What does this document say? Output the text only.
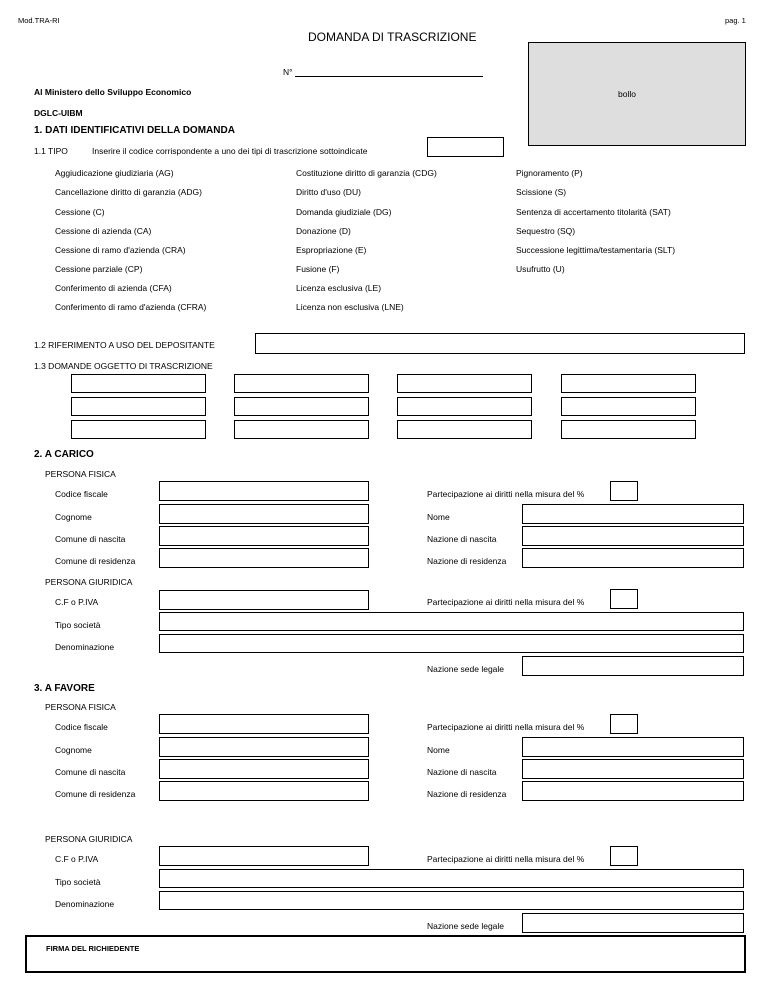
Mod.TRA-RI	pag. 1
DOMANDA DI TRASCRIZIONE
N°
bollo
Al Ministero dello Sviluppo Economico
DGLC-UIBM
1. DATI IDENTIFICATIVI DELLA DOMANDA
1.1 TIPO	Inserire il codice corrispondente a uno dei tipi di trascrizione sottoindicate
Aggiudicazione giudiziaria (AG)
Cancellazione diritto di garanzia (ADG)
Cessione (C)
Cessione di azienda (CA)
Cessione di ramo d'azienda (CRA)
Cessione parziale (CP)
Conferimento di azienda (CFA)
Conferimento di ramo d'azienda (CFRA)
Costituzione diritto di garanzia (CDG)
Diritto d'uso (DU)
Domanda giudiziale (DG)
Donazione (D)
Espropriazione (E)
Fusione (F)
Licenza esclusiva (LE)
Licenza non esclusiva (LNE)
Pignoramento (P)
Scissione (S)
Sentenza di accertamento titolarità (SAT)
Sequestro (SQ)
Successione legittima/testamentaria (SLT)
Usufrutto (U)
1.2 RIFERIMENTO A USO DEL DEPOSITANTE
1.3 DOMANDE OGGETTO DI TRASCRIZIONE
2. A CARICO
PERSONA FISICA
Codice fiscale	Partecipazione ai diritti nella misura del %
Cognome	Nome
Comune di nascita	Nazione di nascita
Comune di residenza	Nazione di residenza
PERSONA GIURIDICA
C.F o P.IVA	Partecipazione ai diritti nella misura del %
Tipo società
Denominazione
Nazione sede legale
3. A FAVORE
PERSONA FISICA
Codice fiscale	Partecipazione ai diritti nella misura del %
Cognome	Nome
Comune di nascita	Nazione di nascita
Comune di residenza	Nazione di residenza
PERSONA GIURIDICA
C.F o P.IVA	Partecipazione ai diritti nella misura del %
Tipo società
Denominazione
Nazione sede legale
FIRMA DEL RICHIEDENTE
